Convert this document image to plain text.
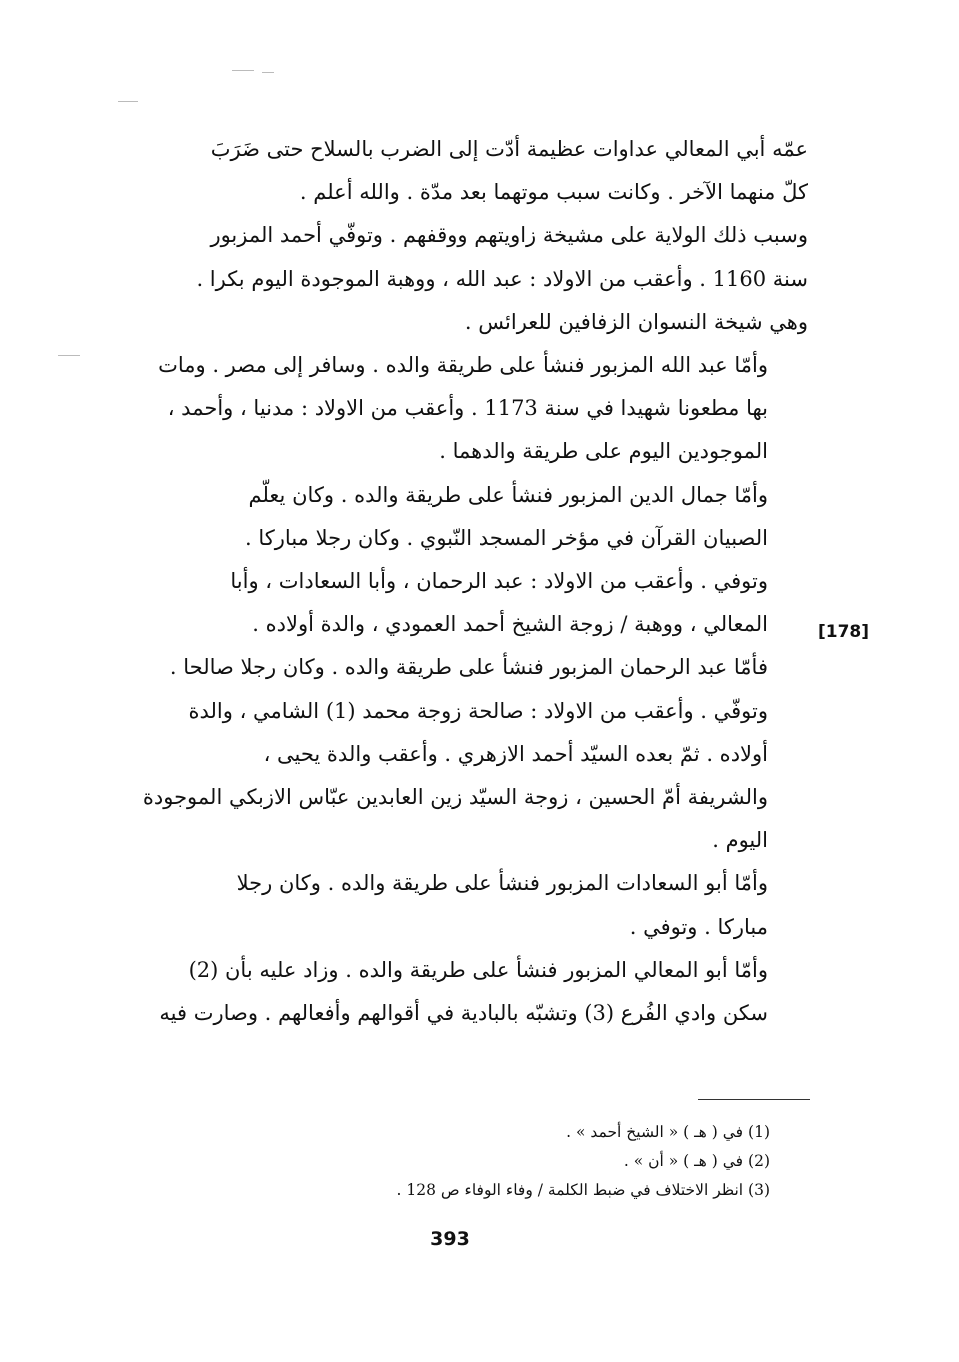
عمّه أبي المعالي عداوات عظيمة أدّت إلى الضرب بالسلاح حتى ضَرَبَ

كلّ منهما الآخر . وكانت سبب موتهما بعد مدّة . والله أعلم .

وسبب ذلك الولاية على مشيخة زاويتهم ووقفهم . وتوفّي أحمد المزبور

سنة 1160 . وأعقب من الاولاد : عبد الله ، ووهبة الموجودة اليوم بكرا .

وهي شيخة النسوان الزفافين للعرائس .

وأمّا عبد الله المزبور فنشأ على طريقة والده . وسافر إلى مصر . ومات

بها مطعونا شهيدا في سنة 1173 . وأعقب من الاولاد : مدنيا ، وأحمد ،

الموجودين اليوم على طريقة والدهما .

وأمّا جمال الدين المزبور فنشأ على طريقة والده . وكان يعلّم

الصبيان القرآن في مؤخر المسجد النّبوي . وكان رجلا مباركا .

وتوفي . وأعقب من الاولاد : عبد الرحمان ، وأبا السعادات ، وأبا

المعالي ، ووهبة / زوجة الشيخ أحمد العمودي ، والدة أولاده .

فأمّا عبد الرحمان المزبور فنشأ على طريقة والده . وكان رجلا صالحا .

وتوفّي . وأعقب من الاولاد : صالحة زوجة محمد (1) الشامي ، والدة

أولاده . ثمّ بعده السيّد أحمد الازهري . وأعقب والدة يحيى ،

والشريفة أمّ الحسين ، زوجة السيّد زين العابدين عبّاس الازبكي الموجودة

اليوم .

وأمّا أبو السعادات المزبور فنشأ على طريقة والده . وكان رجلا

مباركا . وتوفي .

وأمّا أبو المعالي المزبور فنشأ على طريقة والده . وزاد عليه بأن (2)

سكن وادي الفُرع (3) وتشبّه بالبادية في أقوالهم وأفعالهم . وصارت فيه

[178]
(1) في ( هـ ) « الشيخ أحمد » .
(2) في ( هـ ) « أن » .
(3) انظر الاختلاف في ضبط الكلمة / وفاء الوفاء ص 128 .
393
